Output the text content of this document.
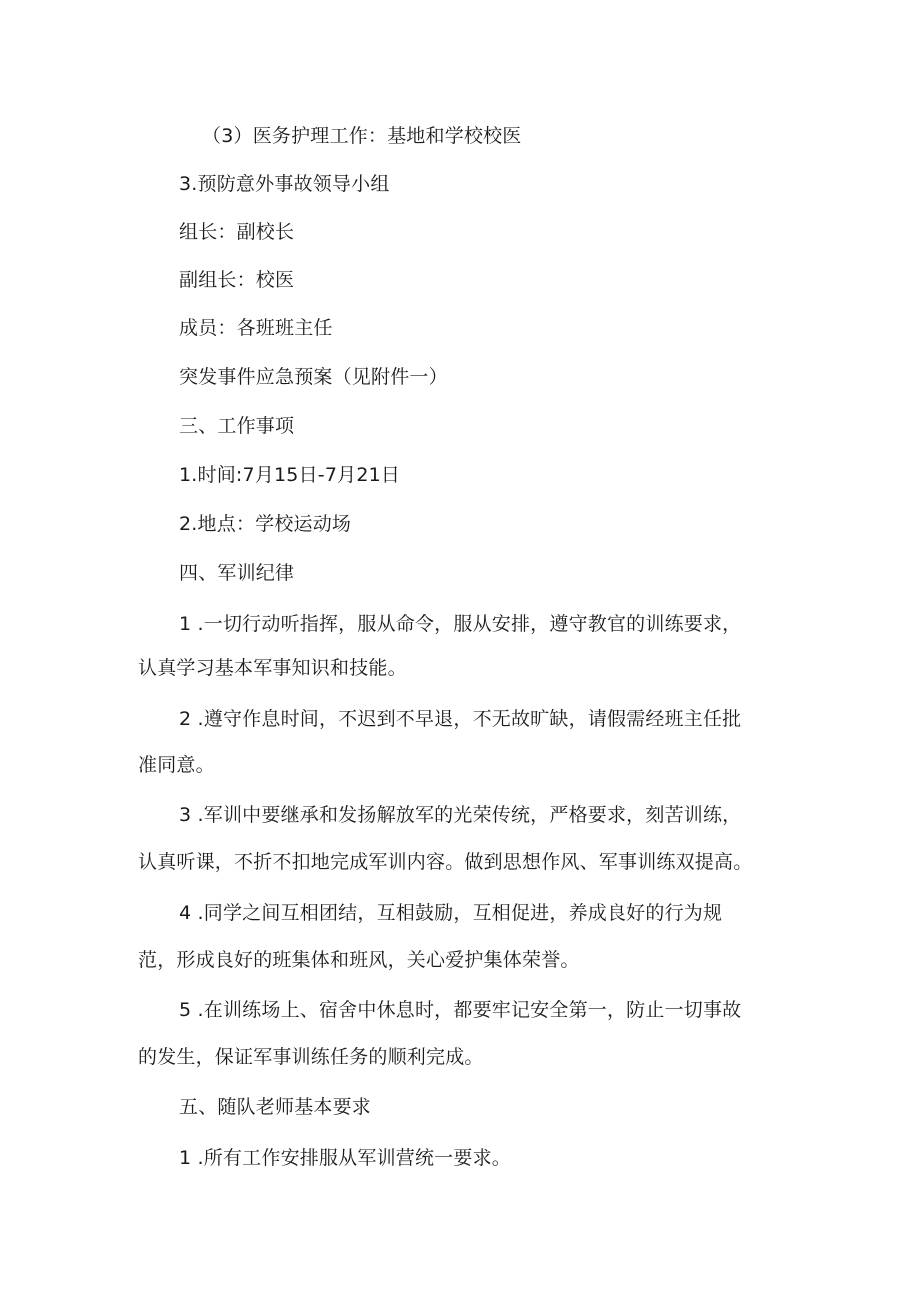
（3）医务护理工作：基地和学校校医

3.预防意外事故领导小组

组长：副校长

副组长：校医

成员：各班班主任

突发事件应急预案（见附件一）

三、工作事项

1.时间:7月15日-7月21日

2.地点：学校运动场

四、军训纪律

1 .一切行动听指挥，服从命令，服从安排，遵守教官的训练要求，

认真学习基本军事知识和技能。

2 .遵守作息时间，不迟到不早退，不无故旷缺，请假需经班主任批

准同意。

3 .军训中要继承和发扬解放军的光荣传统，严格要求，刻苦训练，

认真听课，不折不扣地完成军训内容。做到思想作风、军事训练双提高。

4 .同学之间互相团结，互相鼓励，互相促进，养成良好的行为规

范，形成良好的班集体和班风，关心爱护集体荣誉。

5 .在训练场上、宿舍中休息时，都要牢记安全第一，防止一切事故

的发生，保证军事训练任务的顺利完成。

五、随队老师基本要求

1 .所有工作安排服从军训营统一要求。
